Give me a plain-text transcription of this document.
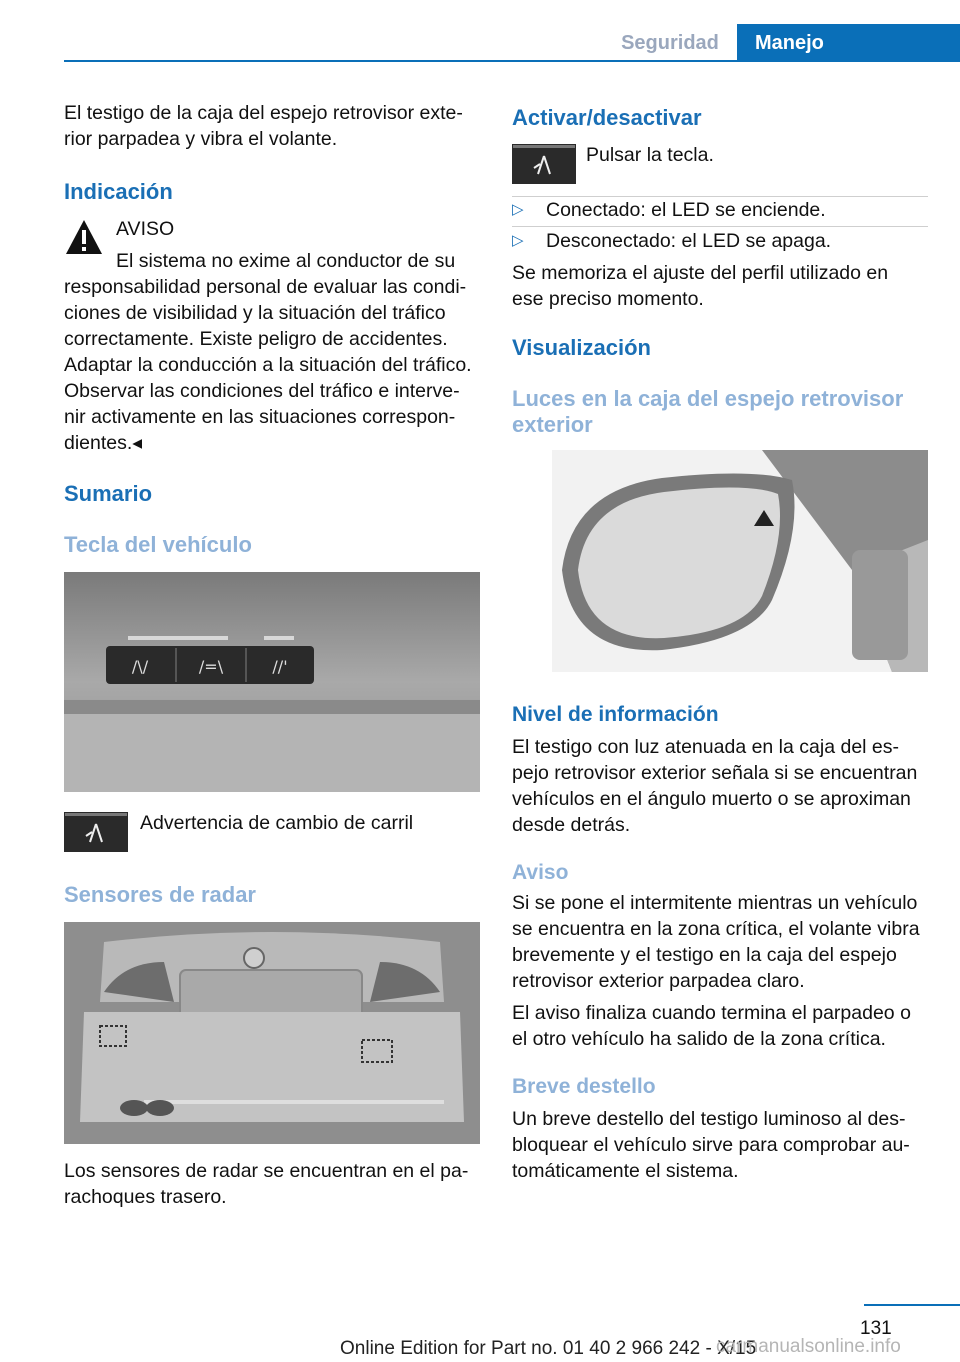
Seguridad	Manejo

El testigo de la caja del espejo retrovisor exte-

rior parpadea y vibra el volante.

Indicación

AVISO

El sistema no exime al conductor de su

responsabilidad personal de evaluar las condi-

ciones de visibilidad y la situación del tráfico

correctamente. Existe peligro de accidentes.

Adaptar la conducción a la situación del tráfico.

Observar las condiciones del tráfico e interve-

nir activamente en las situaciones correspon-

dientes.◂

Sumario
Tecla del vehículo
/\/	/=\	//'

Advertencia de cambio de carril

Sensores de radar

Los sensores de radar se encuentran en el pa-

rachoques trasero.

Activar/desactivar

Pulsar la tecla.

▷ Conectado: el LED se enciende.
▷ Desconectado: el LED se apaga.

Se memoriza el ajuste del perfil utilizado en

ese preciso momento.

Visualización
Luces en la caja del espejo retrovisor
exterior
Nivel de información

El testigo con luz atenuada en la caja del es-

pejo retrovisor exterior señala si se encuentran

vehículos en el ángulo muerto o se aproximan

desde detrás.

Aviso

Si se pone el intermitente mientras un vehículo

se encuentra en la zona crítica, el volante vibra

brevemente y el testigo en la caja del espejo

retrovisor exterior parpadea claro.

El aviso finaliza cuando termina el parpadeo o

el otro vehículo ha salido de la zona crítica.

Breve destello

Un breve destello del testigo luminoso al des-

bloquear el vehículo sirve para comprobar au-

tomáticamente el sistema.

131
Online Edition for Part no. 01 40 2 966 242 - X/15
carmanualsonline.info
